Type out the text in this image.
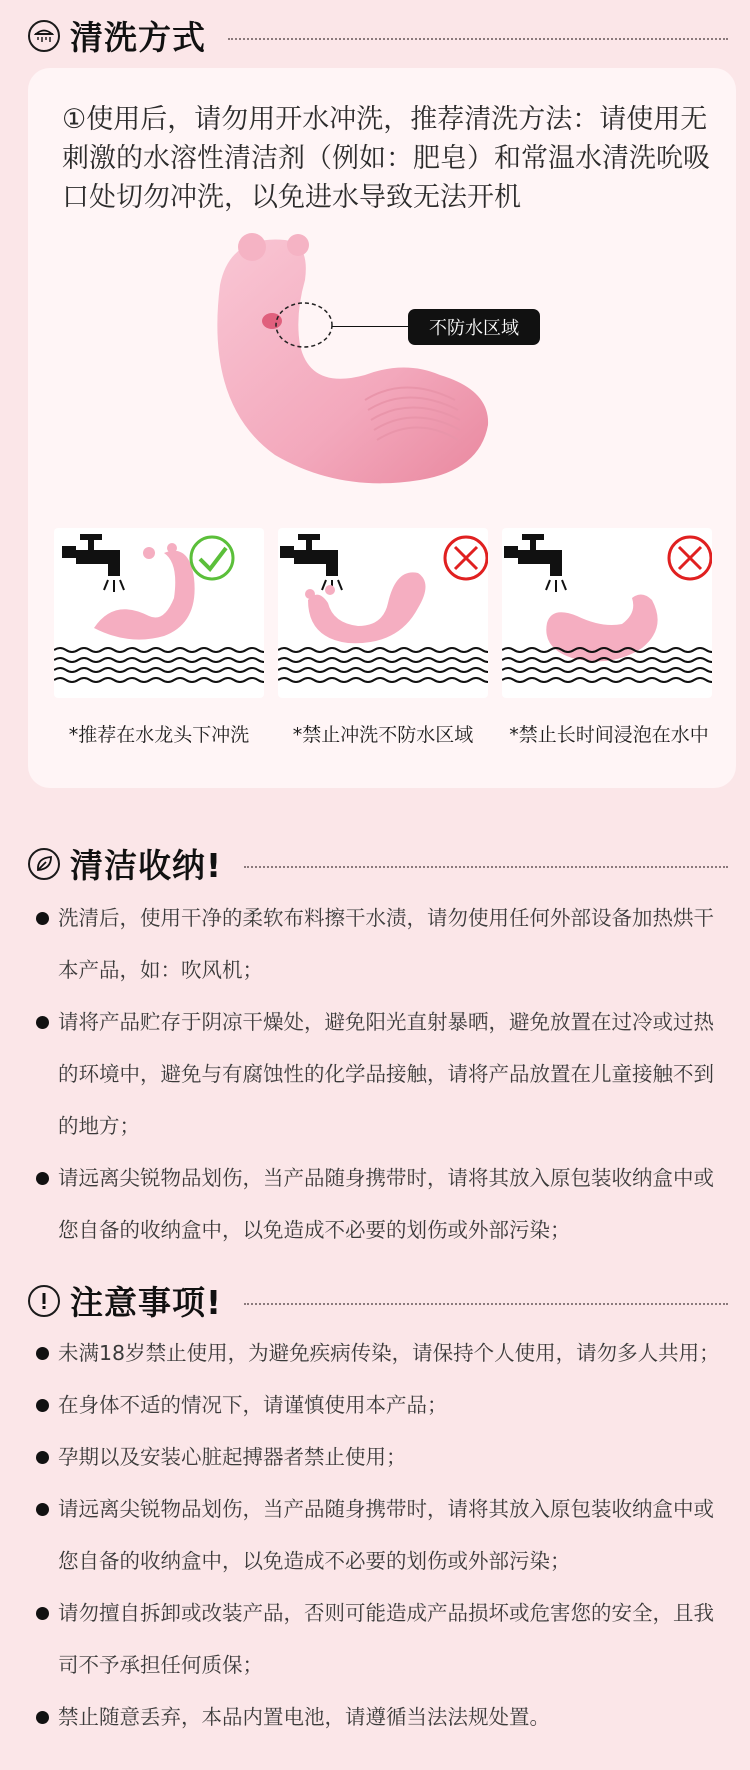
清洗方式
①使用后，请勿用开水冲洗，推荐清洗方法：请使用无刺激的水溶性清洁剂（例如：肥皂）和常温水清洗吮吸口处切勿冲洗，以免进水导致无法开机
不防水区域
*推荐在水龙头下冲洗	*禁止冲洗不防水区域	*禁止长时间浸泡在水中
清洁收纳!
洗清后，使用干净的柔软布料擦干水渍，请勿使用任何外部设备加热烘干本产品，如：吹风机；
请将产品贮存于阴凉干燥处，避免阳光直射暴晒，避免放置在过冷或过热的环境中，避免与有腐蚀性的化学品接触，请将产品放置在儿童接触不到的地方；
请远离尖锐物品划伤，当产品随身携带时，请将其放入原包装收纳盒中或您自备的收纳盒中，以免造成不必要的划伤或外部污染；
注意事项!
未满18岁禁止使用，为避免疾病传染，请保持个人使用，请勿多人共用；
在身体不适的情况下，请谨慎使用本产品；
孕期以及安装心脏起搏器者禁止使用；
请远离尖锐物品划伤，当产品随身携带时，请将其放入原包装收纳盒中或您自备的收纳盒中，以免造成不必要的划伤或外部污染；
请勿擅自拆卸或改装产品，否则可能造成产品损坏或危害您的安全，且我司不予承担任何质保；
禁止随意丢弃，本品内置电池，请遵循当法法规处置。
